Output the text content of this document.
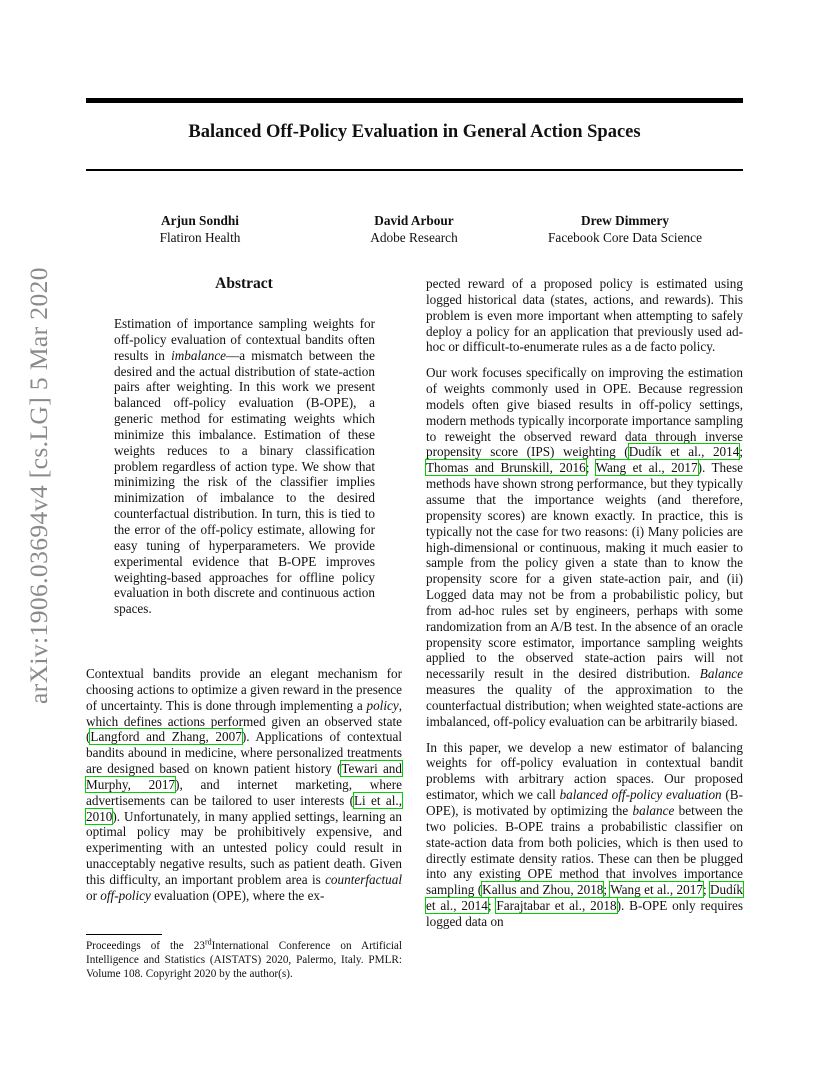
arXiv:1906.03694v4 [cs.LG] 5 Mar 2020
Balanced Off-Policy Evaluation in General Action Spaces
Arjun Sondhi
Flatiron Health
David Arbour
Adobe Research
Drew Dimmery
Facebook Core Data Science
Abstract

Estimation of importance sampling weights for off-policy evaluation of contextual bandits often results in imbalance—a mismatch between the desired and the actual distribution of state-action pairs after weighting. In this work we present balanced off-policy evaluation (B-OPE), a generic method for estimating weights which minimize this imbalance. Estimation of these weights reduces to a binary classification problem regardless of action type. We show that minimizing the risk of the classifier implies minimization of imbalance to the desired counterfactual distribution. In turn, this is tied to the error of the off-policy estimate, allowing for easy tuning of hyperparameters. We provide experimental evidence that B-OPE improves weighting-based approaches for offline policy evaluation in both discrete and continuous action spaces.

Contextual bandits provide an elegant mechanism for choosing actions to optimize a given reward in the presence of uncertainty. This is done through implementing a policy, which defines actions performed given an observed state (Langford and Zhang, 2007). Applications of contextual bandits abound in medicine, where personalized treatments are designed based on known patient history (Tewari and Murphy, 2017), and internet marketing, where advertisements can be tailored to user interests (Li et al., 2010). Unfortunately, in many applied settings, learning an optimal policy may be prohibitively expensive, and experimenting with an untested policy could result in unacceptably negative results, such as patient death. Given this difficulty, an important problem area is counterfactual or off-policy evaluation (OPE), where the ex-

Proceedings of the 23rdInternational Conference on Artificial Intelligence and Statistics (AISTATS) 2020, Palermo, Italy. PMLR: Volume 108. Copyright 2020 by the author(s).

pected reward of a proposed policy is estimated using logged historical data (states, actions, and rewards). This problem is even more important when attempting to safely deploy a policy for an application that previously used ad-hoc or difficult-to-enumerate rules as a de facto policy.

Our work focuses specifically on improving the estimation of weights commonly used in OPE. Because regression models often give biased results in off-policy settings, modern methods typically incorporate importance sampling to reweight the observed reward data through inverse propensity score (IPS) weighting (Dudík et al., 2014; Thomas and Brunskill, 2016; Wang et al., 2017). These methods have shown strong performance, but they typically assume that the importance weights (and therefore, propensity scores) are known exactly. In practice, this is typically not the case for two reasons: (i) Many policies are high-dimensional or continuous, making it much easier to sample from the policy given a state than to know the propensity score for a given state-action pair, and (ii) Logged data may not be from a probabilistic policy, but from ad-hoc rules set by engineers, perhaps with some randomization from an A/B test. In the absence of an oracle propensity score estimator, importance sampling weights applied to the observed state-action pairs will not necessarily result in the desired distribution. Balance measures the quality of the approximation to the counterfactual distribution; when weighted state-actions are imbalanced, off-policy evaluation can be arbitrarily biased.

In this paper, we develop a new estimator of balancing weights for off-policy evaluation in contextual bandit problems with arbitrary action spaces. Our proposed estimator, which we call balanced off-policy evaluation (B-OPE), is motivated by optimizing the balance between the two policies. B-OPE trains a probabilistic classifier on state-action data from both policies, which is then used to directly estimate density ratios. These can then be plugged into any existing OPE method that involves importance sampling (Kallus and Zhou, 2018; Wang et al., 2017; Dudík et al., 2014; Farajtabar et al., 2018). B-OPE only requires logged data on
